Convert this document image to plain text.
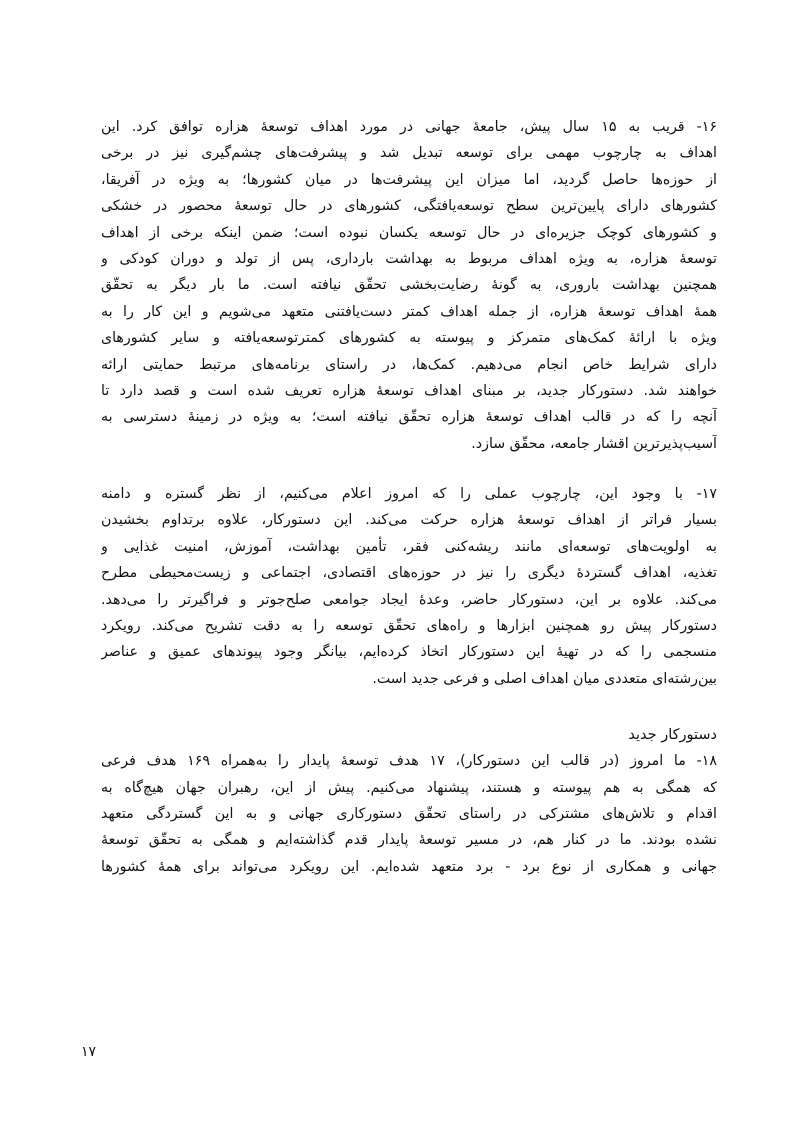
۱۶- قریب به ۱۵ سال پیش، جامعهٔ جهانی در مورد اهداف توسعهٔ هزاره توافق کرد. این
اهداف به چارچوب مهمی برای توسعه تبدیل شد و پیشرفت‌های چشم‌گیری نیز در برخی
از حوزه‌ها حاصل گردید، اما میزان این پیشرفت‌ها در میان کشورها؛ به ویژه در آفریقا،
کشورهای دارای پایین‌ترین سطح توسعه‌یافتگی، کشورهای در حال توسعهٔ محصور در خشکی
و کشورهای کوچک جزیره‌ای در حال توسعه یکسان نبوده است؛ ضمن اینکه برخی از اهداف
توسعهٔ هزاره، به ویژه اهداف مربوط به بهداشت بارداری، پس از تولد و دوران کودکی و
همچنین بهداشت باروری، به گونهٔ رضایت‌بخشی تحقّق نیافته است. ما بار دیگر به تحقّق
همهٔ اهداف توسعهٔ هزاره، از جمله اهداف کمتر دست‌یافتنی متعهد می‌شویم و این کار را به
ویژه با ارائهٔ کمک‌های متمرکز و پیوسته به کشورهای کمترتوسعه‌یافته و سایر کشورهای
دارای شرایط خاص انجام می‌دهیم. کمک‌ها، در راستای برنامه‌های مرتبط حمایتی ارائه
خواهند شد. دستورکار جدید، بر مبنای اهداف توسعهٔ هزاره تعریف شده است و قصد دارد تا
آنچه را که در قالب اهداف توسعهٔ هزاره تحقّق نیافته است؛ به ویژه در زمینهٔ دسترسی به
آسیب‌پذیرترین اقشار جامعه، محقّق سازد.
۱۷- با وجود این، چارچوب عملی را که امروز اعلام می‌کنیم، از نظر گستره و دامنه
بسیار فراتر از اهداف توسعهٔ هزاره حرکت می‌کند. این دستورکار، علاوه برتداوم بخشیدن
به اولویت‌های توسعه‌ای مانند ریشه‌کنی فقر، تأمین بهداشت، آموزش، امنیت غذایی و
تغذیه، اهداف گستردهٔ دیگری را نیز در حوزه‌های اقتصادی، اجتماعی و زیست‌محیطی مطرح
می‌کند. علاوه بر این، دستورکار حاضر، وعدهٔ ایجاد جوامعی صلح‌جوتر و فراگیرتر را می‌دهد.
دستورکار پیش رو همچنین ابزارها و راه‌های تحقّق توسعه را به دقت تشریح می‌کند. رویکرد
منسجمی را که در تهیهٔ این دستورکار اتخاذ کرده‌ایم، بیانگر وجود پیوندهای عمیق و عناصر
بین‌رشته‌ای متعددی میان اهداف اصلی و فرعی جدید است.
دستورکار جدید
۱۸- ما امروز (در قالب این دستورکار)، ۱۷ هدف توسعهٔ پایدار را به‌همراه ۱۶۹ هدف فرعی
که همگی به هم پیوسته و هستند، پیشنهاد می‌کنیم. پیش از این، رهبران جهان هیچ‌گاه به
اقدام و تلاش‌های مشترکی در راستای تحقّق دستورکاری جهانی و به این گستردگی متعهد
نشده بودند. ما در کنار هم، در مسیر توسعهٔ پایدار قدم گذاشته‌ایم و همگی به تحقّق توسعهٔ
جهانی و همکاری از نوع برد - برد متعهد شده‌ایم. این رویکرد می‌تواند برای همهٔ کشورها
۱۷
